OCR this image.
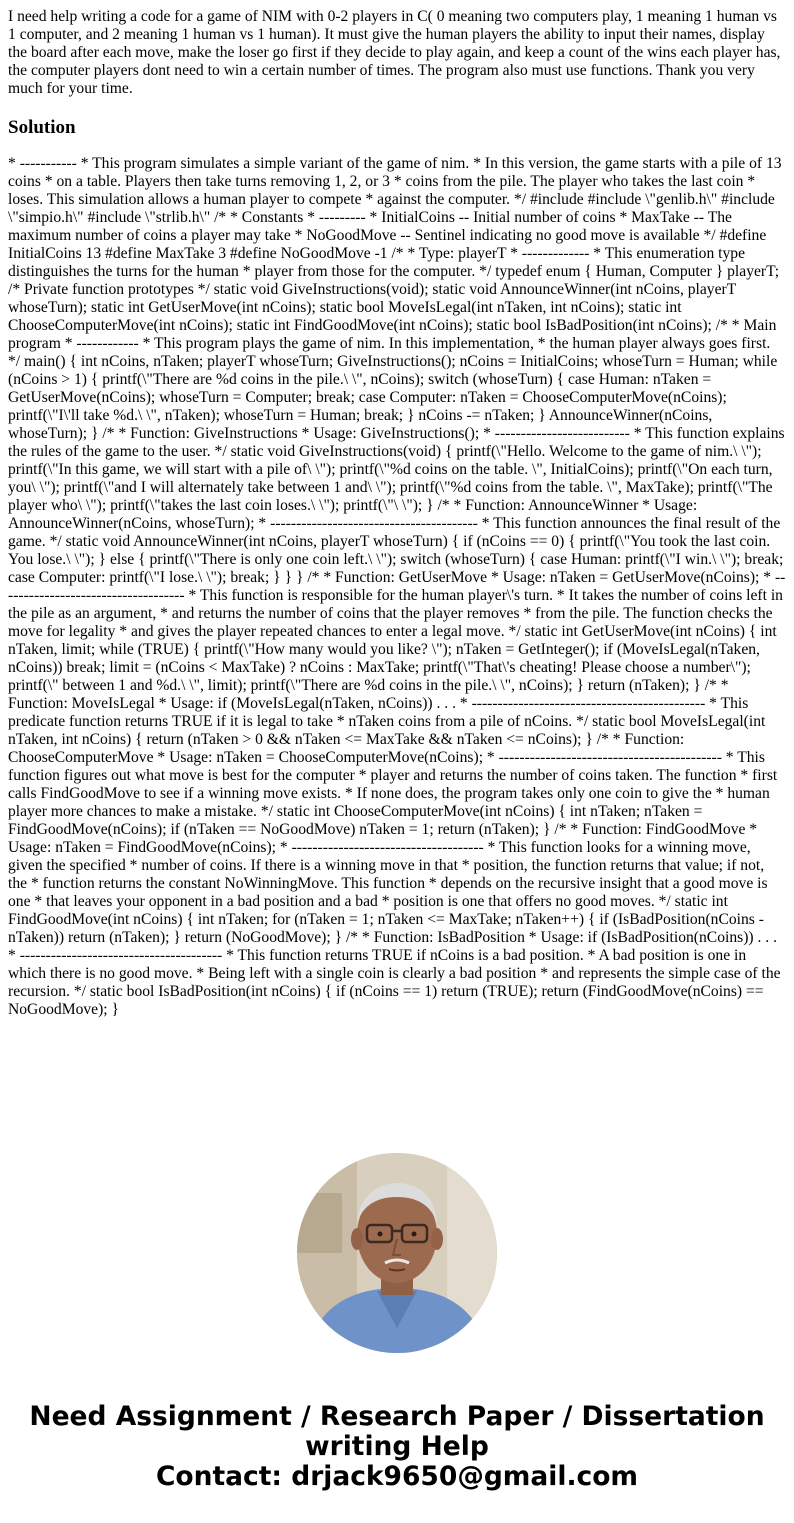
I need help writing a code for a game of NIM with 0-2 players in C( 0 meaning two computers play, 1 meaning 1 human vs 1 computer, and 2 meaning 1 human vs 1 human). It must give the human players the ability to input their names, display the board after each move, make the loser go first if they decide to play again, and keep a count of the wins each player has, the computer players dont need to win a certain number of times. The program also must use functions. Thank you very much for your time.

Solution

* ----------- * This program simulates a simple variant of the game of nim. * In this version, the game starts with a pile of 13 coins * on a table. Players then take turns removing 1, 2, or 3 * coins from the pile. The player who takes the last coin * loses. This simulation allows a human player to compete * against the computer. */ #include #include \"genlib.h\" #include \"simpio.h\" #include \"strlib.h\" /* * Constants * --------- * InitialCoins -- Initial number of coins * MaxTake -- The maximum number of coins a player may take * NoGoodMove -- Sentinel indicating no good move is available */ #define InitialCoins 13 #define MaxTake 3 #define NoGoodMove -1 /* * Type: playerT * ------------- * This enumeration type distinguishes the turns for the human * player from those for the computer. */ typedef enum { Human, Computer } playerT; /* Private function prototypes */ static void GiveInstructions(void); static void AnnounceWinner(int nCoins, playerT whoseTurn); static int GetUserMove(int nCoins); static bool MoveIsLegal(int nTaken, int nCoins); static int ChooseComputerMove(int nCoins); static int FindGoodMove(int nCoins); static bool IsBadPosition(int nCoins); /* * Main program * ------------ * This program plays the game of nim. In this implementation, * the human player always goes first. */ main() { int nCoins, nTaken; playerT whoseTurn; GiveInstructions(); nCoins = InitialCoins; whoseTurn = Human; while (nCoins > 1) { printf(\"There are %d coins in the pile.\ \", nCoins); switch (whoseTurn) { case Human: nTaken = GetUserMove(nCoins); whoseTurn = Computer; break; case Computer: nTaken = ChooseComputerMove(nCoins); printf(\"I\'ll take %d.\ \", nTaken); whoseTurn = Human; break; } nCoins -= nTaken; } AnnounceWinner(nCoins, whoseTurn); } /* * Function: GiveInstructions * Usage: GiveInstructions(); * -------------------------- * This function explains the rules of the game to the user. */ static void GiveInstructions(void) { printf(\"Hello. Welcome to the game of nim.\ \"); printf(\"In this game, we will start with a pile of\ \"); printf(\"%d coins on the table. \", InitialCoins); printf(\"On each turn, you\ \"); printf(\"and I will alternately take between 1 and\ \"); printf(\"%d coins from the table. \", MaxTake); printf(\"The player who\ \"); printf(\"takes the last coin loses.\ \"); printf(\"\ \"); } /* * Function: AnnounceWinner * Usage: AnnounceWinner(nCoins, whoseTurn); * ---------------------------------------- * This function announces the final result of the game. */ static void AnnounceWinner(int nCoins, playerT whoseTurn) { if (nCoins == 0) { printf(\"You took the last coin. You lose.\ \"); } else { printf(\"There is only one coin left.\ \"); switch (whoseTurn) { case Human: printf(\"I win.\ \"); break; case Computer: printf(\"I lose.\ \"); break; } } } /* * Function: GetUserMove * Usage: nTaken = GetUserMove(nCoins); * ------------------------------------ * This function is responsible for the human player\'s turn. * It takes the number of coins left in the pile as an argument, * and returns the number of coins that the player removes * from the pile. The function checks the move for legality * and gives the player repeated chances to enter a legal move. */ static int GetUserMove(int nCoins) { int nTaken, limit; while (TRUE) { printf(\"How many would you like? \"); nTaken = GetInteger(); if (MoveIsLegal(nTaken, nCoins)) break; limit = (nCoins < MaxTake) ? nCoins : MaxTake; printf(\"That\'s cheating! Please choose a number\"); printf(\" between 1 and %d.\ \", limit); printf(\"There are %d coins in the pile.\ \", nCoins); } return (nTaken); } /* * Function: MoveIsLegal * Usage: if (MoveIsLegal(nTaken, nCoins)) . . . * --------------------------------------------- * This predicate function returns TRUE if it is legal to take * nTaken coins from a pile of nCoins. */ static bool MoveIsLegal(int nTaken, int nCoins) { return (nTaken > 0 && nTaken <= MaxTake && nTaken <= nCoins); } /* * Function: ChooseComputerMove * Usage: nTaken = ChooseComputerMove(nCoins); * ------------------------------------------- * This function figures out what move is best for the computer * player and returns the number of coins taken. The function * first calls FindGoodMove to see if a winning move exists. * If none does, the program takes only one coin to give the * human player more chances to make a mistake. */ static int ChooseComputerMove(int nCoins) { int nTaken; nTaken = FindGoodMove(nCoins); if (nTaken == NoGoodMove) nTaken = 1; return (nTaken); } /* * Function: FindGoodMove * Usage: nTaken = FindGoodMove(nCoins); * ------------------------------------- * This function looks for a winning move, given the specified * number of coins. If there is a winning move in that * position, the function returns that value; if not, the * function returns the constant NoWinningMove. This function * depends on the recursive insight that a good move is one * that leaves your opponent in a bad position and a bad * position is one that offers no good moves. */ static int FindGoodMove(int nCoins) { int nTaken; for (nTaken = 1; nTaken <= MaxTake; nTaken++) { if (IsBadPosition(nCoins - nTaken)) return (nTaken); } return (NoGoodMove); } /* * Function: IsBadPosition * Usage: if (IsBadPosition(nCoins)) . . . * --------------------------------------- * This function returns TRUE if nCoins is a bad position. * A bad position is one in which there is no good move. * Being left with a single coin is clearly a bad position * and represents the simple case of the recursion. */ static bool IsBadPosition(int nCoins) { if (nCoins == 1) return (TRUE); return (FindGoodMove(nCoins) == NoGoodMove); }

Need Assignment / Research Paper / Dissertation
writing Help
Contact: drjack9650@gmail.com
